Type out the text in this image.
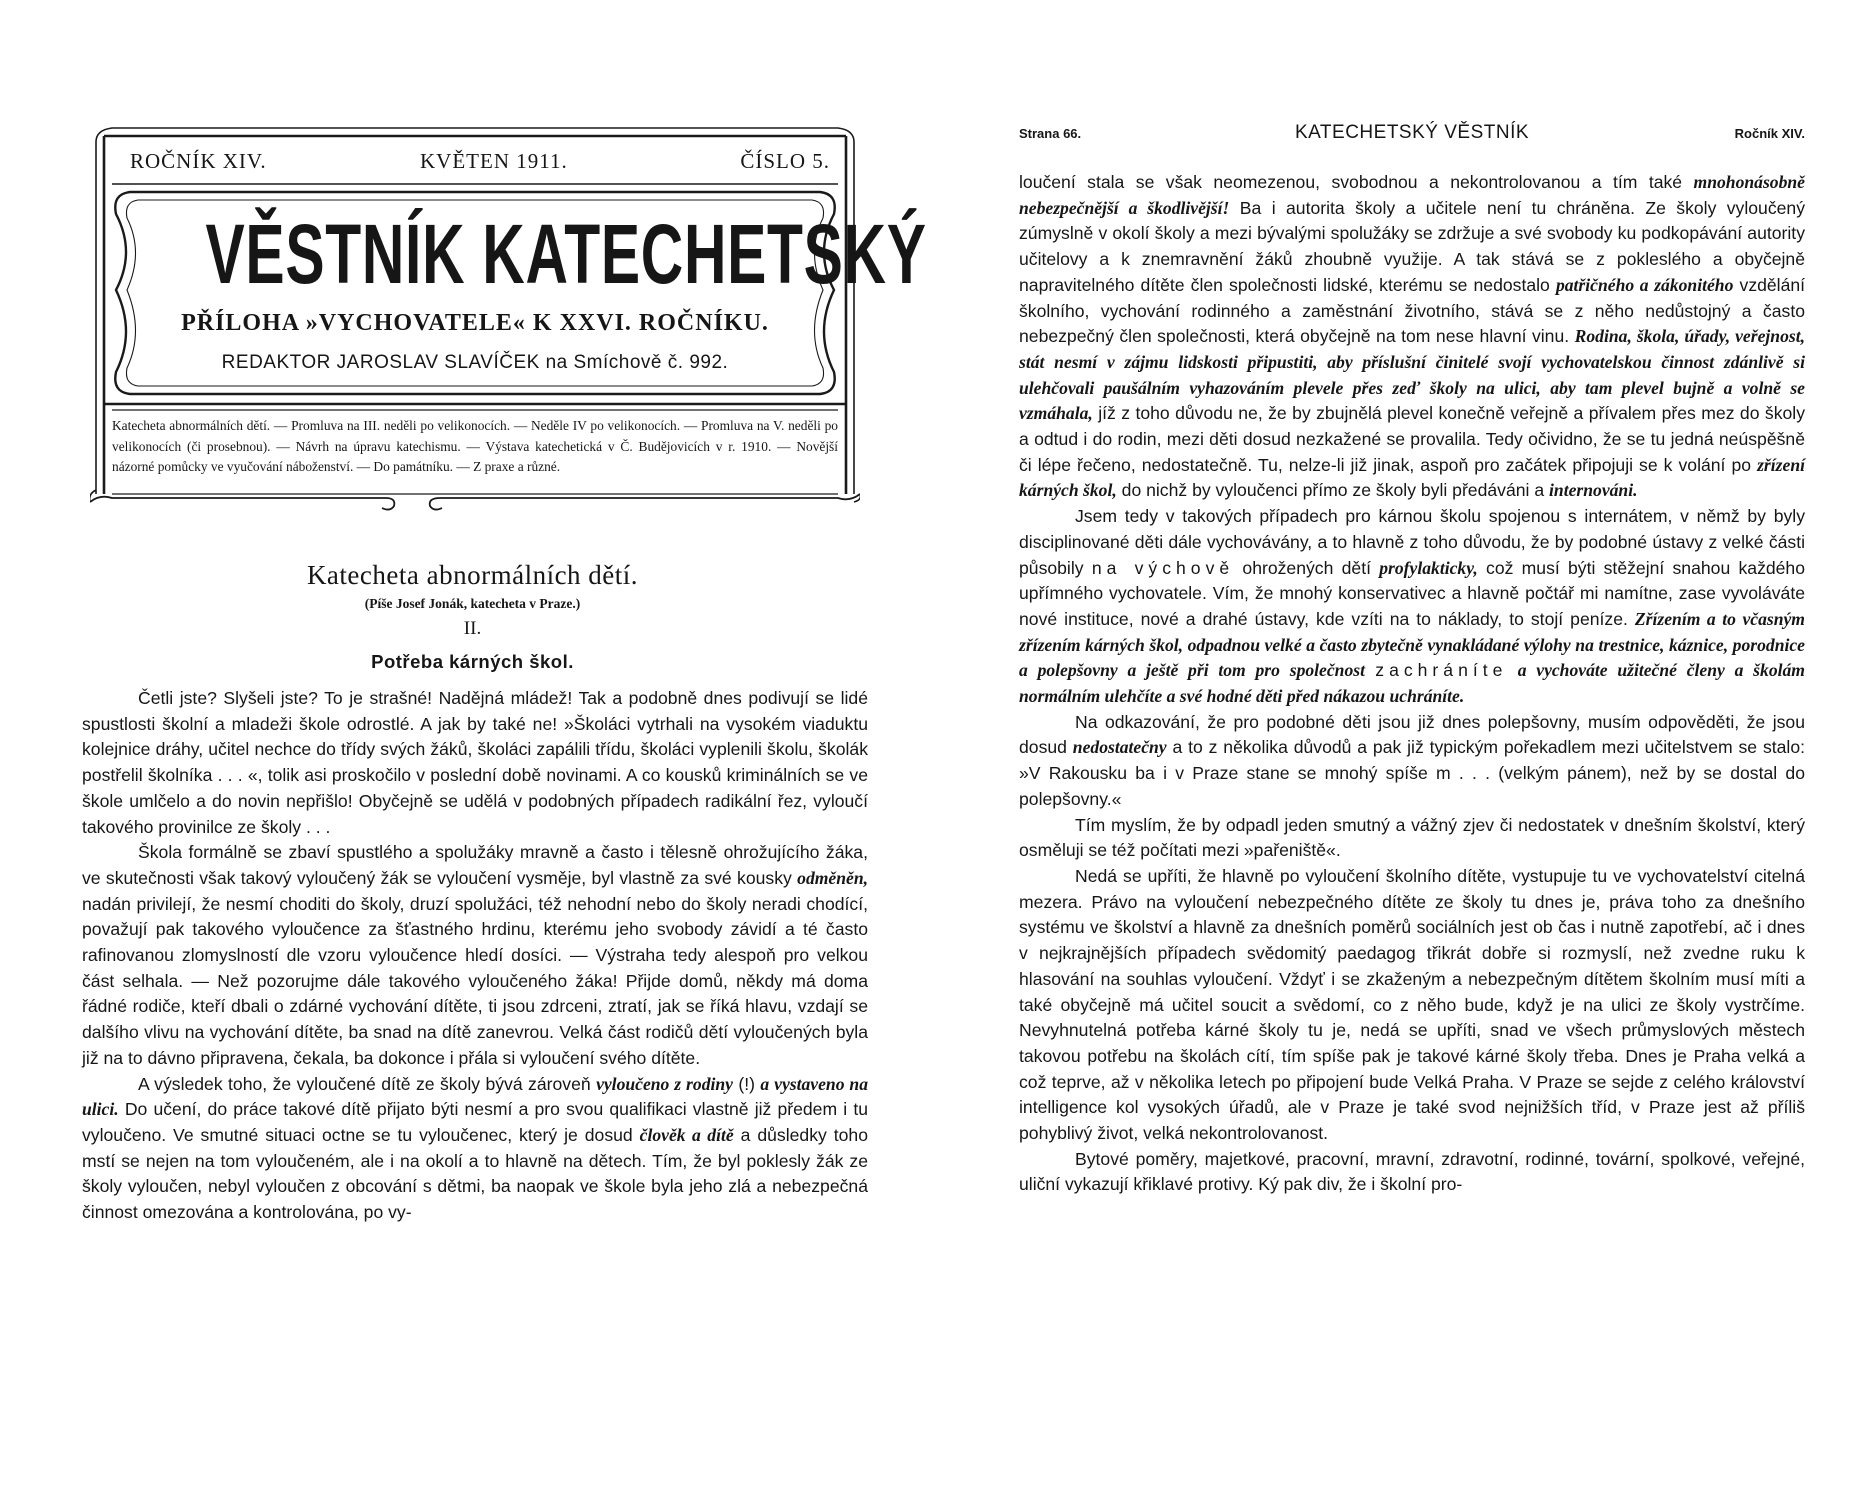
ROČNÍK XIV.	KVĚTEN 1911.	ČÍSLO 5.
VĚSTNÍK KATECHETSKÝ
PŘÍLOHA »VYCHOVATELE« K XXVI. ROČNÍKU.
REDAKTOR JAROSLAV SLAVÍČEK na Smíchově č. 992.
Katecheta abnormálních dětí. — Promluva na III. neděli po velikonocích. — Neděle IV po velikonocích. — Promluva na V. neděli po velikonocích (či prosebnou). — Návrh na úpravu katechismu. — Výstava katechetická v Č. Budějovicích v r. 1910. — Novější názorné pomůcky ve vyučování náboženství. — Do památníku. — Z praxe a různé.
Katecheta abnormálních dětí.
(Píše Josef Jonák, katecheta v Praze.)
II.
Potřeba kárných škol.

Četli jste? Slyšeli jste? To je strašné! Nadějná mládež! Tak a podobně dnes podivují se lidé spustlosti školní a mladeži škole odrostlé. A jak by také ne! »Školáci vytrhali na vysokém viaduktu kolejnice dráhy, učitel nechce do třídy svých žáků, školáci zapálili třídu, školáci vyplenili školu, školák postřelil školníka . . . «, tolik asi proskočilo v poslední době novinami. A co kousků kriminálních se ve škole umlčelo a do novin nepřišlo! Obyčejně se udělá v podobných případech radikální řez, vyloučí takového provinilce ze školy . . .

Škola formálně se zbaví spustlého a spolužáky mravně a často i tělesně ohrožujícího žáka, ve skutečnosti však takový vyloučený žák se vyloučení vysměje, byl vlastně za své kousky odměněn, nadán privilejí, že nesmí choditi do školy, druzí spolužáci, též nehodní nebo do školy neradi chodící, považují pak takového vyloučence za šťastného hrdinu, kterému jeho svobody závidí a té často rafinovanou zlomyslností dle vzoru vyloučence hledí dosíci. — Výstraha tedy alespoň pro velkou část selhala. — Než pozorujme dále takového vyloučeného žáka! Přijde domů, někdy má doma řádné rodiče, kteří dbali o zdárné vychování dítěte, ti jsou zdrceni, ztratí, jak se říká hlavu, vzdají se dalšího vlivu na vychování dítěte, ba snad na dítě zanevrou. Velká část rodičů dětí vyloučených byla již na to dávno připravena, čekala, ba dokonce i přála si vyloučení svého dítěte.

A výsledek toho, že vyloučené dítě ze školy bývá zároveň vyloučeno z rodiny (!) a vystaveno na ulici. Do učení, do práce takové dítě přijato býti nesmí a pro svou qualifikaci vlastně již předem i tu vyloučeno. Ve smutné situaci octne se tu vyloučenec, který je dosud člověk a dítě a důsledky toho mstí se nejen na tom vyloučeném, ale i na okolí a to hlavně na dětech. Tím, že byl poklesly žák ze školy vyloučen, nebyl vyloučen z obcování s dětmi, ba naopak ve škole byla jeho zlá a nebezpečná činnost omezována a kontrolována, po vy-

Strana 66.	KATECHETSKÝ VĚSTNÍK	Ročník XIV.

loučení stala se však neomezenou, svobodnou a nekontrolovanou a tím také mnohonásobně nebezpečnější a škodlivější! Ba i autorita školy a učitele není tu chráněna. Ze školy vyloučený zúmyslně v okolí školy a mezi bývalými spolužáky se zdržuje a své svobody ku podkopávání autority učitelovy a k znemravnění žáků zhoubně využije. A tak stává se z pokleslého a obyčejně napravitelného dítěte člen společnosti lidské, kterému se nedostalo patřičného a zákonitého vzdělání školního, vychování rodinného a zaměstnání životního, stává se z něho nedůstojný a často nebezpečný člen společnosti, která obyčejně na tom nese hlavní vinu. Rodina, škola, úřady, veřejnost, stát nesmí v zájmu lidskosti připustiti, aby příslušní činitelé svojí vychovatelskou činnost zdánlivě si ulehčovali paušálním vyhazováním plevele přes zeď školy na ulici, aby tam plevel bujně a volně se vzmáhala, jíž z toho důvodu ne, že by zbujnělá plevel konečně veřejně a přívalem přes mez do školy a odtud i do rodin, mezi děti dosud nezkažené se provalila. Tedy očividno, že se tu jedná neúspěšně či lépe řečeno, nedostatečně. Tu, nelze-li již jinak, aspoň pro začátek připojuji se k volání po zřízení kárných škol, do nichž by vyloučenci přímo ze školy byli předáváni a internováni.

Jsem tedy v takových případech pro kárnou školu spojenou s internátem, v němž by byly disciplinované děti dále vychovávány, a to hlavně z toho důvodu, že by podobné ústavy z velké části působily na výchově ohrožených dětí profylakticky, což musí býti stěžejní snahou každého upřímného vychovatele. Vím, že mnohý konservativec a hlavně počtář mi namítne, zase vyvoláváte nové instituce, nové a drahé ústavy, kde vzíti na to náklady, to stojí peníze. Zřízením a to včasným zřízením kárných škol, odpadnou velké a často zbytečně vynakládané výlohy na trestnice, káznice, porodnice a polepšovny a ještě při tom pro společnost zachráníte a vychováte užitečné členy a školám normálním ulehčíte a své hodné děti před nákazou uchráníte.

Na odkazování, že pro podobné děti jsou již dnes polepšovny, musím odpověděti, že jsou dosud nedostatečny a to z několika důvodů a pak již typickým pořekadlem mezi učitelstvem se stalo: »V Rakousku ba i v Praze stane se mnohý spíše m . . . (velkým pánem), než by se dostal do polepšovny.«

Tím myslím, že by odpadl jeden smutný a vážný zjev či nedostatek v dnešním školství, který osměluji se též počítati mezi »pařeniště«.

Nedá se upříti, že hlavně po vyloučení školního dítěte, vystupuje tu ve vychovatelství citelná mezera. Právo na vyloučení nebezpečného dítěte ze školy tu dnes je, práva toho za dnešního systému ve školství a hlavně za dnešních poměrů sociálních jest ob čas i nutně zapotřebí, ač i dnes v nejkrajnějších případech svědomitý paedagog třikrát dobře si rozmyslí, než zvedne ruku k hlasování na souhlas vyloučení. Vždyť i se zkaženým a nebezpečným dítětem školním musí míti a také obyčejně má učitel soucit a svědomí, co z něho bude, když je na ulici ze školy vystrčíme. Nevyhnutelná potřeba kárné školy tu je, nedá se upříti, snad ve všech průmyslových městech takovou potřebu na školách cítí, tím spíše pak je takové kárné školy třeba. Dnes je Praha velká a což teprve, až v několika letech po připojení bude Velká Praha. V Praze se sejde z celého království intelligence kol vysokých úřadů, ale v Praze je také svod nejnižších tříd, v Praze jest až příliš pohyblivý život, velká nekontrolovanost.

Bytové poměry, majetkové, pracovní, mravní, zdravotní, rodinné, tovární, spolkové, veřejné, uliční vykazují křiklavé protivy. Ký pak div, že i školní pro-
